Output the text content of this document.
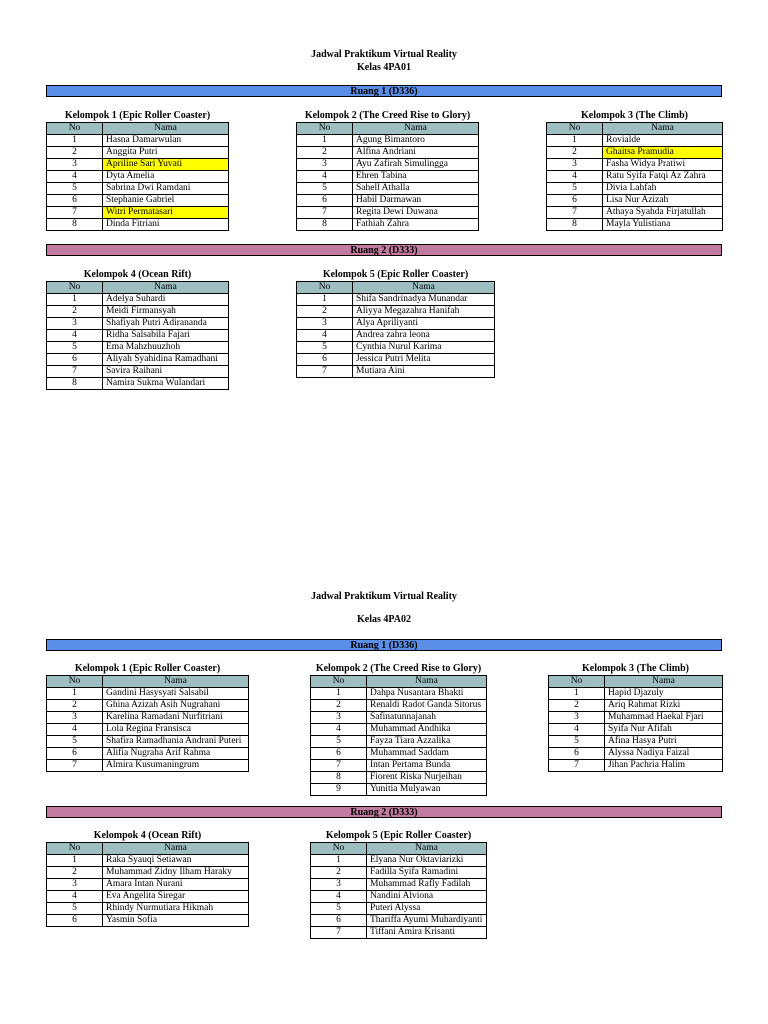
Jadwal Praktikum Virtual Reality
Kelas 4PA01
Ruang 1 (D336)
Kelompok 1 (Epic Roller Coaster)
No	Nama
1	Hasna Damarwulan
2	Anggita Putri
3	Apriline Sari Yuvati
4	Dyta Amelia
5	Sabrina Dwi Ramdani
6	Stephanie Gabriel
7	Witri Permatasari
8	Dinda Fitriani
Kelompok 2 (The Creed Rise to Glory)
No	Nama
1	Agung Bimantoro
2	Alfina Andriani
3	Ayu Zafirah Simulingga
4	Ehren Tabina
5	Sahell Athalla
6	Habil Darmawan
7	Regita Dewi Duwana
8	Fathiah Zahra
Kelompok 3 (The Climb)
No	Nama
1	Rovialde
2	Ghaitsa Pramudia
3	Fasha Widya Pratiwi
4	Ratu Syifa Fatqi Az Zahra
5	Divia Lahfah
6	Lisa Nur Azizah
7	Athaya Syahda Firjatullah
8	Mayla Yulistiana
Ruang 2 (D333)
Kelompok 4 (Ocean Rift)
No	Nama
1	Adelya Suhardi
2	Meidi Firmansyah
3	Shafiyah Putri Adirananda
4	Ridha Salsabila Fajari
5	Ema Mahzhuuzhoh
6	Aliyah Syahidina Ramadhani
7	Savira Raihani
8	Namira Sukma Wulandari
Kelompok 5 (Epic Roller Coaster)
No	Nama
1	Shifa Sandrinadya Munandar
2	Aliyya Megazahra Hanifah
3	Alya Apriliyanti
4	Andrea zahra leona
5	Cynthia Nurul Karima
6	Jessica Putri Melita
7	Mutiara Aini
Jadwal Praktikum Virtual Reality
Kelas 4PA02
Ruang 1 (D336)
Kelompok 1 (Epic Roller Coaster)
No	Nama
1	Gandini Hasysyati Salsabil
2	Ghina Azizah Asih Nugrahani
3	Karelina Ramadani Nurfitriani
4	Lola Regina Fransisca
5	Shafira Ramadhania Andrani Puteri
6	Alifia Nugraha Arif Rahma
7	Almira Kusumaningrum
Kelompok 2 (The Creed Rise to Glory)
No	Nama
1	Dahpa Nusantara Bhakti
2	Renaldi Radot Ganda Sitorus
3	Safinatunnajanah
4	Muhammad Andhika
5	Fayza Tiara Azzalika
6	Muhammad Saddam
7	Intan Pertama Bunda
8	Fiorent Riska Nurjeihan
9	Yunitia Mulyawan
Kelompok 3 (The Climb)
No	Nama
1	Hapid Djazuly
2	Ariq Rahmat Rizki
3	Muhammad Haekal Fjari
4	Syifa Nur Afifah
5	Afina Hasya Putri
6	Alyssa Nadiya Faizal
7	Jihan Pachria Halim
Ruang 2 (D333)
Kelompok 4 (Ocean Rift)
No	Nama
1	Raka Syauqi Setiawan
2	Muhammad Zidny Ilham Haraky
3	Amara Intan Nurani
4	Eva Angelita Siregar
5	Rhindy Nurmutiara Hikmah
6	Yasmin Sofia
Kelompok 5 (Epic Roller Coaster)
No	Nama
1	Elyana Nur Oktaviarizki
2	Fadilla Syifa Ramadini
3	Muhammad Rafly Fadilah
4	Nandini Alviona
5	Puteri Alyssa
6	Thariffa Ayumi Muhardiyanti
7	Tiffani Amira Krisanti
